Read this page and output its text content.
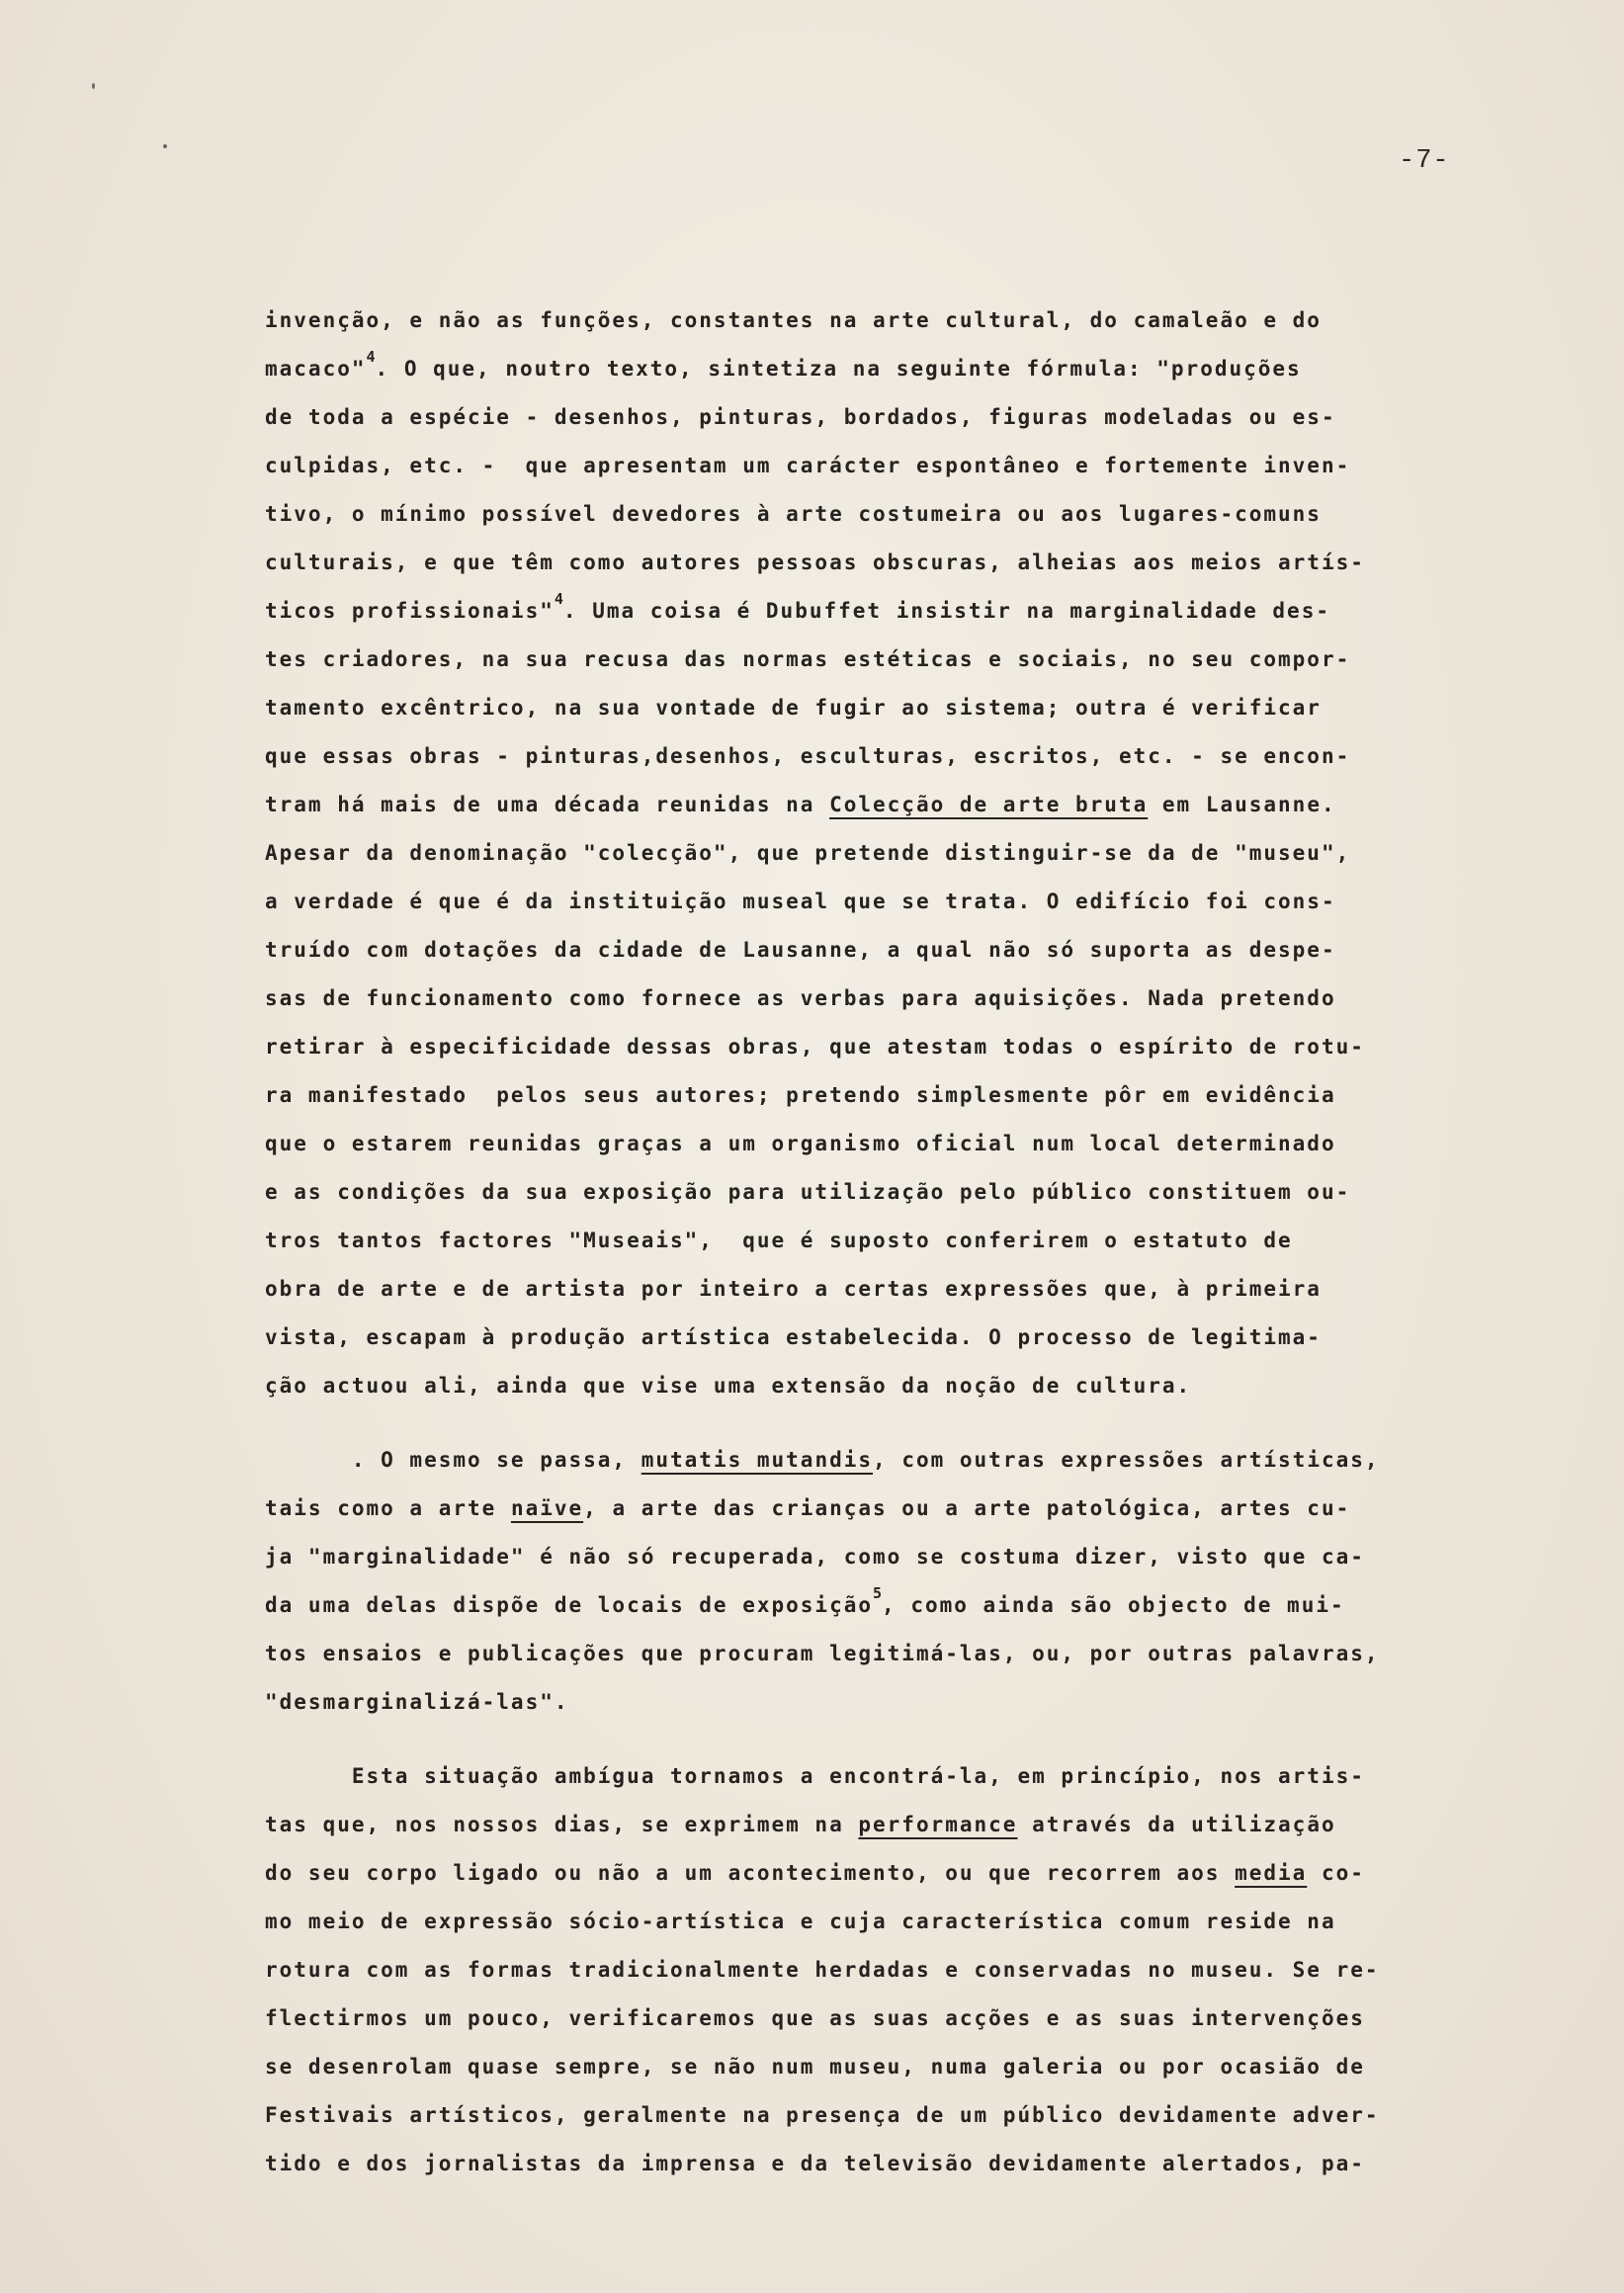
-7-
invenção, e não as funções, constantes na arte cultural, do camaleão e do
macaco"$^4$. O que, noutro texto, sintetiza na seguinte fórmula: "produções
de toda a espécie - desenhos, pinturas, bordados, figuras modeladas ou es-
culpidas, etc. -  que apresentam um carácter espontâneo e fortemente inven-
tivo, o mínimo possível devedores à arte costumeira ou aos lugares-comuns
culturais, e que têm como autores pessoas obscuras, alheias aos meios artís-
ticos profissionais"$^4$. Uma coisa é Dubuffet insistir na marginalidade des-
tes criadores, na sua recusa das normas estéticas e sociais, no seu compor-
tamento excêntrico, na sua vontade de fugir ao sistema; outra é verificar
que essas obras - pinturas,desenhos, esculturas, escritos, etc. - se encon-
tram há mais de uma década reunidas na Colecção de arte bruta em Lausanne.
Apesar da denominação "colecção", que pretende distinguir-se da de "museu",
a verdade é que é da instituição museal que se trata. O edifício foi cons-
truído com dotações da cidade de Lausanne, a qual não só suporta as despe-
sas de funcionamento como fornece as verbas para aquisições. Nada pretendo
retirar à especificidade dessas obras, que atestam todas o espírito de rotu-
ra manifestado  pelos seus autores; pretendo simplesmente pôr em evidência
que o estarem reunidas graças a um organismo oficial num local determinado
e as condições da sua exposição para utilização pelo público constituem ou-
tros tantos factores "Museais",  que é suposto conferirem o estatuto de
obra de arte e de artista por inteiro a certas expressões que, à primeira
vista, escapam à produção artística estabelecida. O processo de legitima-
ção actuou ali, ainda que vise uma extensão da noção de cultura.
. O mesmo se passa, mutatis mutandis, com outras expressões artísticas,
tais como a arte naïve, a arte das crianças ou a arte patológica, artes cu-
ja "marginalidade" é não só recuperada, como se costuma dizer, visto que ca-
da uma delas dispõe de locais de exposição$^5$, como ainda são objecto de mui-
tos ensaios e publicações que procuram legitimá-las, ou, por outras palavras,
"desmarginalizá-las".
Esta situação ambígua tornamos a encontrá-la, em princípio, nos artis-
tas que, nos nossos dias, se exprimem na performance através da utilização
do seu corpo ligado ou não a um acontecimento, ou que recorrem aos media co-
mo meio de expressão sócio-artística e cuja característica comum reside na
rotura com as formas tradicionalmente herdadas e conservadas no museu. Se re-
flectirmos um pouco, verificaremos que as suas acções e as suas intervenções
se desenrolam quase sempre, se não num museu, numa galeria ou por ocasião de
Festivais artísticos, geralmente na presença de um público devidamente adver-
tido e dos jornalistas da imprensa e da televisão devidamente alertados, pa-
